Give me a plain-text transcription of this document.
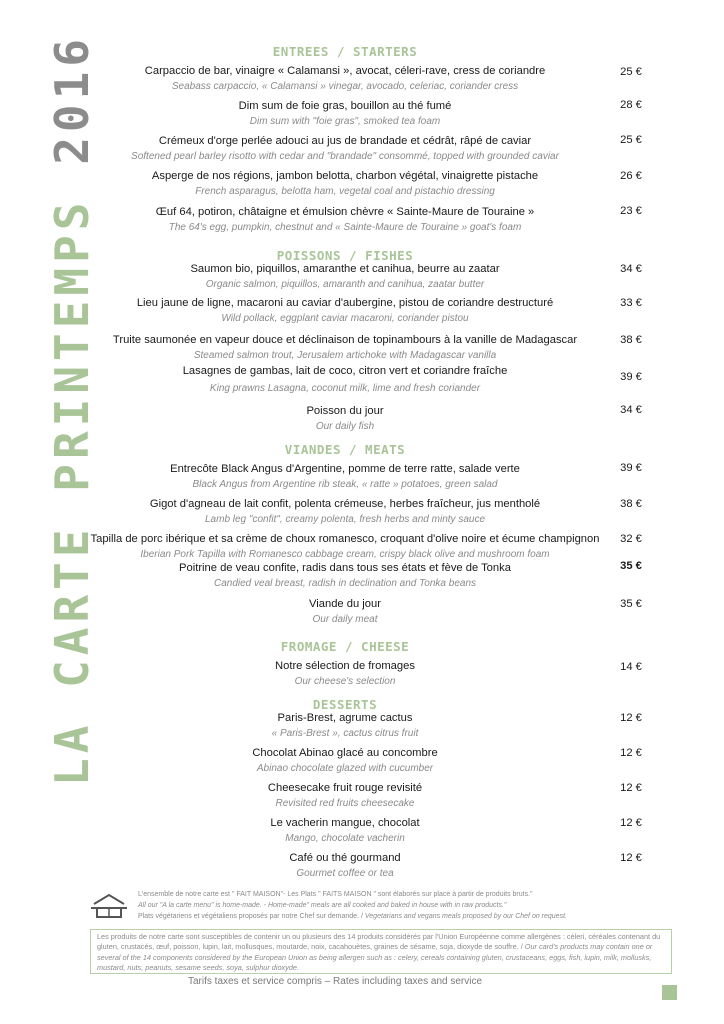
LA CARTE PRINTEMPS 2016	ENTREES / STARTERS
Carpaccio de bar, vinaigre « Calamansi », avocat, céleri-rave, cress de coriandre
Seabass carpaccio, « Calamansi » vinegar, avocado, celeriac, coriander cress
25 €
Dim sum de foie gras, bouillon au thé fumé
Dim sum with "foie gras", smoked tea foam
28 €
Crémeux d'orge perlée adouci au jus de brandade et cédrât, râpé de caviar
Softened pearl barley risotto with cedar and "brandade" consommé, topped with grounded caviar
25 €
Asperge de nos régions, jambon belotta, charbon végétal, vinaigrette pistache
French asparagus, belotta ham, vegetal coal and pistachio dressing
26 €
Œuf 64, potiron, châtaigne et émulsion chèvre « Sainte-Maure de Touraine »
The 64's egg, pumpkin, chestnut and « Sainte-Maure de Touraine » goat's foam
23 €
POISSONS / FISHES
Saumon bio, piquillos, amaranthe et canihua, beurre au zaatar
Organic salmon, piquillos, amaranth and canihua, zaatar butter
34 €
Lieu jaune de ligne, macaroni au caviar d'aubergine, pistou de coriandre destructuré
Wild pollack, eggplant caviar macaroni, coriander pistou
33 €
Truite saumonée en vapeur douce et déclinaison de topinambours à la vanille de Madagascar
Steamed salmon trout, Jerusalem artichoke with Madagascar vanilla
38 €
Lasagnes de gambas, lait de coco, citron vert et coriandre fraîche
King prawns Lasagna, coconut milk, lime and fresh coriander
39 €
Poisson du jour
Our daily fish
34 €
VIANDES / MEATS
Entrecôte Black Angus d'Argentine, pomme de terre ratte, salade verte
Black Angus from Argentine rib steak, « ratte » potatoes, green salad
39 €
Gigot d'agneau de lait confit, polenta crémeuse, herbes fraîcheur, jus mentholé
Lamb leg "confit", creamy polenta, fresh herbs and minty sauce
38 €
Tapilla de porc ibérique et sa crème de choux romanesco, croquant d'olive noire et écume champignon
Iberian Pork Tapilla with Romanesco cabbage cream, crispy black olive and mushroom foam
32 €
Poitrine de veau confite, radis dans tous ses états et fève de Tonka
Candied veal breast, radish in declination and Tonka beans
35 €
Viande du jour
Our daily meat
35 €
FROMAGE / CHEESE
Notre sélection de fromages
Our cheese's selection
14 €
DESSERTS
Paris-Brest, agrume cactus
« Paris-Brest », cactus citrus fruit
12 €
Chocolat Abinao glacé au concombre
Abinao chocolate glazed with cucumber
12 €
Cheesecake fruit rouge revisité
Revisited red fruits cheesecake
12 €
Le vacherin mangue, chocolat
Mango, chocolate vacherin
12 €
Café ou thé gourmand
Gourmet coffee or tea
12 €
L'ensemble de notre carte est " FAIT MAISON"- Les Plats " FAITS MAISON " sont élaborés sur place à partir de produits bruts."
All our "A la carte menu" is home-made. - Home-made" meals are all cooked and baked in house with in raw products."
Plats végétariens et végétaliens proposés par notre Chef sur demande. / Vegetarians and vegans meals proposed by our Chef on request.
Les produits de notre carte sont susceptibles de contenir un ou plusieurs des 14 produits considérés par l'Union Européenne comme allergènes : céleri, céréales contenant du gluten, crustacés, œuf, poisson, lupin, lait, mollusques, moutarde, noix, cacahouètes, graines de sésame, soja, dioxyde de souffre. / Our card's products may contain one or several of the 14 components considered by the European Union as being allergen such as : celery, cereals containing gluten, crustaceans, eggs, fish, lupin, milk, mollusks, mustard, nuts, peanuts, sesame seeds, soya, sulphur dioxyde.
Tarifs taxes et service compris – Rates including taxes and service
